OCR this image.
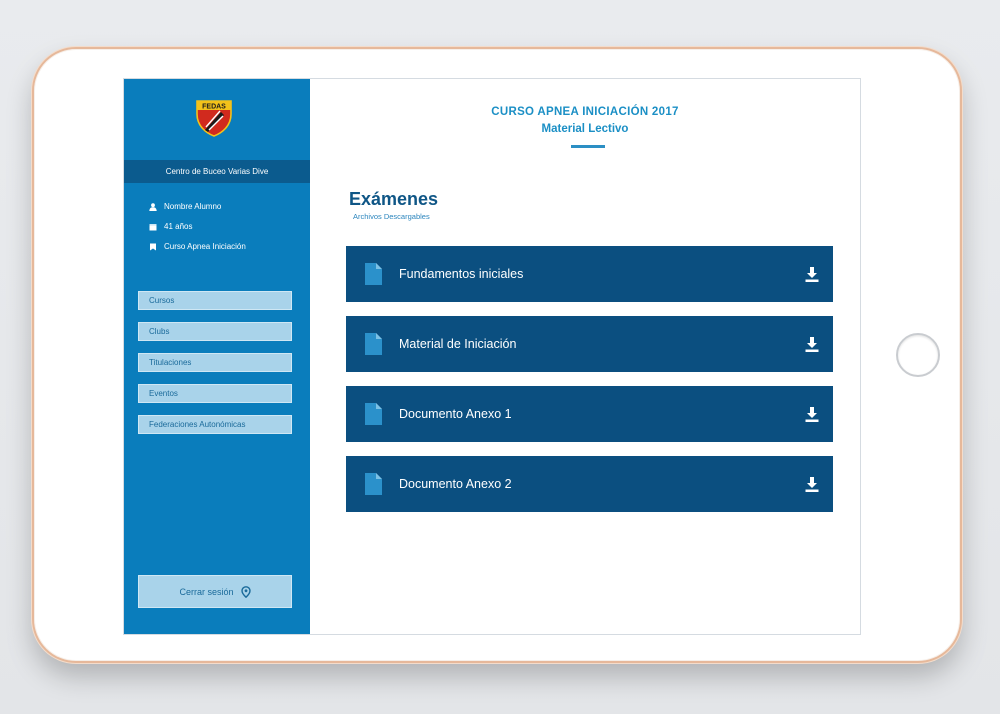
FEDAS
Centro de Buceo Varias Dive
Nombre Alumno
41 años
Curso Apnea Iniciación
Cursos
Clubs
Titulaciones
Eventos
Federaciones Autonómicas
Cerrar sesión
CURSO APNEA INICIACIÓN 2017
Material Lectivo
Exámenes
Archivos Descargables
Fundamentos iniciales
Material de Iniciación
Documento Anexo 1
Documento Anexo 2
